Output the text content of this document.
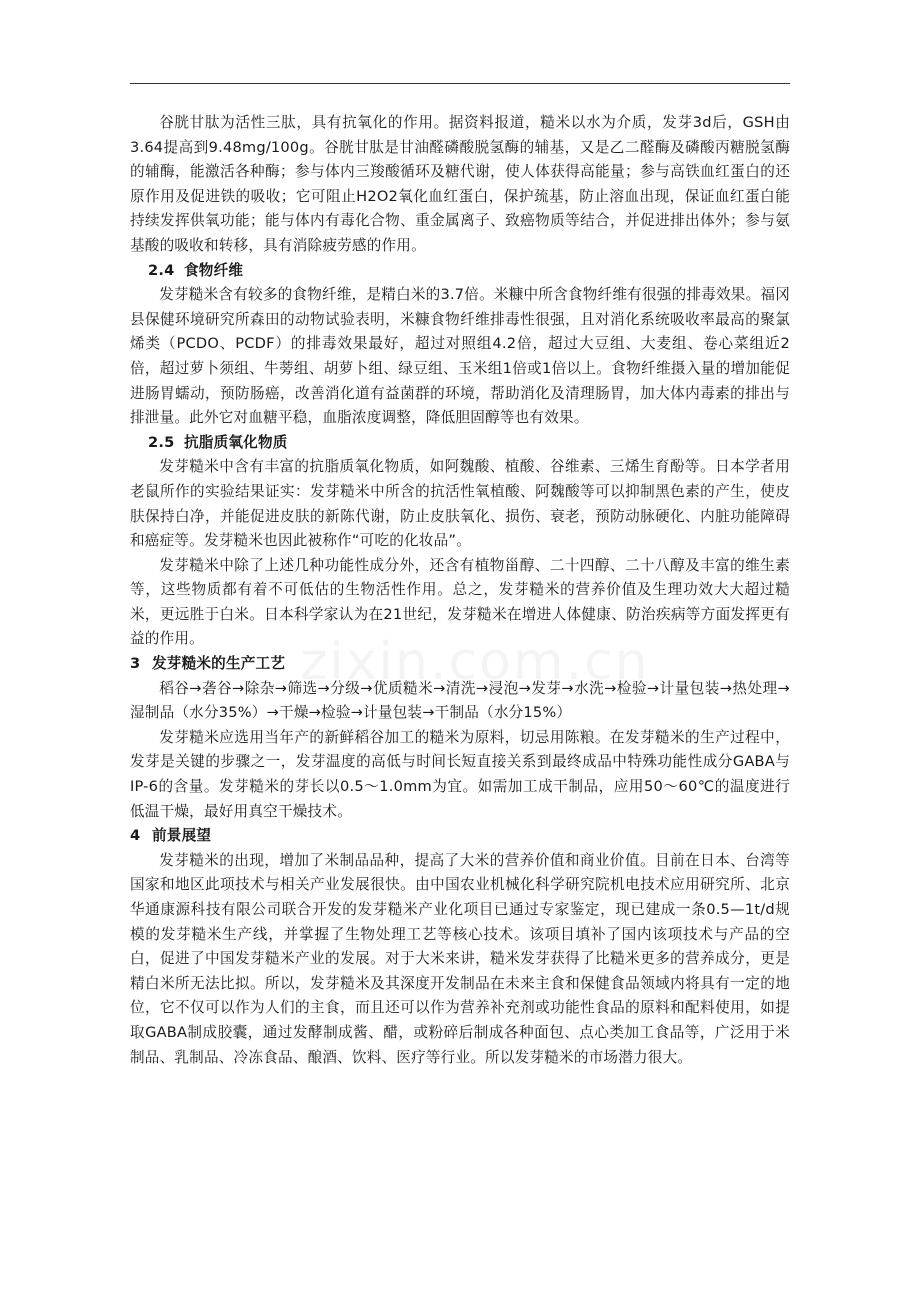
谷胱甘肽为活性三肽，具有抗氧化的作用。据资料报道，糙米以水为介质，发芽3d后，GSH由3.64提高到9.48mg/100g。谷胱甘肽是甘油醛磷酸脱氢酶的辅基，又是乙二醛酶及磷酸丙糖脱氢酶的辅酶，能激活各种酶；参与体内三羧酸循环及糖代谢，使人体获得高能量；参与高铁血红蛋白的还原作用及促进铁的吸收；它可阻止H2O2氧化血红蛋白，保护巯基，防止溶血出现，保证血红蛋白能持续发挥供氧功能；能与体内有毒化合物、重金属离子、致癌物质等结合，并促进排出体外；参与氨基酸的吸收和转移，具有消除疲劳感的作用。

2.4 食物纤维

发芽糙米含有较多的食物纤维，是精白米的3.7倍。米糠中所含食物纤维有很强的排毒效果。福冈县保健环境研究所森田的动物试验表明，米糠食物纤维排毒性很强，且对消化系统吸收率最高的聚氯烯类（PCDO、PCDF）的排毒效果最好，超过对照组4.2倍，超过大豆组、大麦组、卷心菜组近2倍，超过萝卜须组、牛蒡组、胡萝卜组、绿豆组、玉米组1倍或1倍以上。食物纤维摄入量的增加能促进肠胃蠕动，预防肠癌，改善消化道有益菌群的环境，帮助消化及清理肠胃，加大体内毒素的排出与排泄量。此外它对血糖平稳，血脂浓度调整，降低胆固醇等也有效果。

2.5 抗脂质氧化物质

发芽糙米中含有丰富的抗脂质氧化物质，如阿魏酸、植酸、谷维素、三烯生育酚等。日本学者用老鼠所作的实验结果证实：发芽糙米中所含的抗活性氧植酸、阿魏酸等可以抑制黑色素的产生，使皮肤保持白净，并能促进皮肤的新陈代谢，防止皮肤氧化、损伤、衰老，预防动脉硬化、内脏功能障碍和癌症等。发芽糙米也因此被称作“可吃的化妆品”。

发芽糙米中除了上述几种功能性成分外，还含有植物甾醇、二十四醇、二十八醇及丰富的维生素等，这些物质都有着不可低估的生物活性作用。总之，发芽糙米的营养价值及生理功效大大超过糙米，更远胜于白米。日本科学家认为在21世纪，发芽糙米在增进人体健康、防治疾病等方面发挥更有益的作用。

3 发芽糙米的生产工艺

稻谷→砻谷→除杂→筛选→分级→优质糙米→清洗→浸泡→发芽→水洗→检验→计量包装→热处理→湿制品（水分35%）→干燥→检验→计量包装→干制品（水分15%）

发芽糙米应选用当年产的新鲜稻谷加工的糙米为原料，切忌用陈粮。在发芽糙米的生产过程中，发芽是关键的步骤之一，发芽温度的高低与时间长短直接关系到最终成品中特殊功能性成分GABA与IP-6的含量。发芽糙米的芽长以0.5～1.0mm为宜。如需加工成干制品，应用50～60℃的温度进行低温干燥，最好用真空干燥技术。

4 前景展望

发芽糙米的出现，增加了米制品品种，提高了大米的营养价值和商业价值。目前在日本、台湾等国家和地区此项技术与相关产业发展很快。由中国农业机械化科学研究院机电技术应用研究所、北京华通康源科技有限公司联合开发的发芽糙米产业化项目已通过专家鉴定，现已建成一条0.5—1t/d规模的发芽糙米生产线，并掌握了生物处理工艺等核心技术。该项目填补了国内该项技术与产品的空白，促进了中国发芽糙米产业的发展。对于大米来讲，糙米发芽获得了比糙米更多的营养成分，更是精白米所无法比拟。所以，发芽糙米及其深度开发制品在未来主食和保健食品领域内将具有一定的地位，它不仅可以作为人们的主食，而且还可以作为营养补充剂或功能性食品的原料和配料使用，如提取GABA制成胶囊，通过发酵制成酱、醋，或粉碎后制成各种面包、点心类加工食品等，广泛用于米制品、乳制品、冷冻食品、酿酒、饮料、医疗等行业。所以发芽糙米的市场潜力很大。
